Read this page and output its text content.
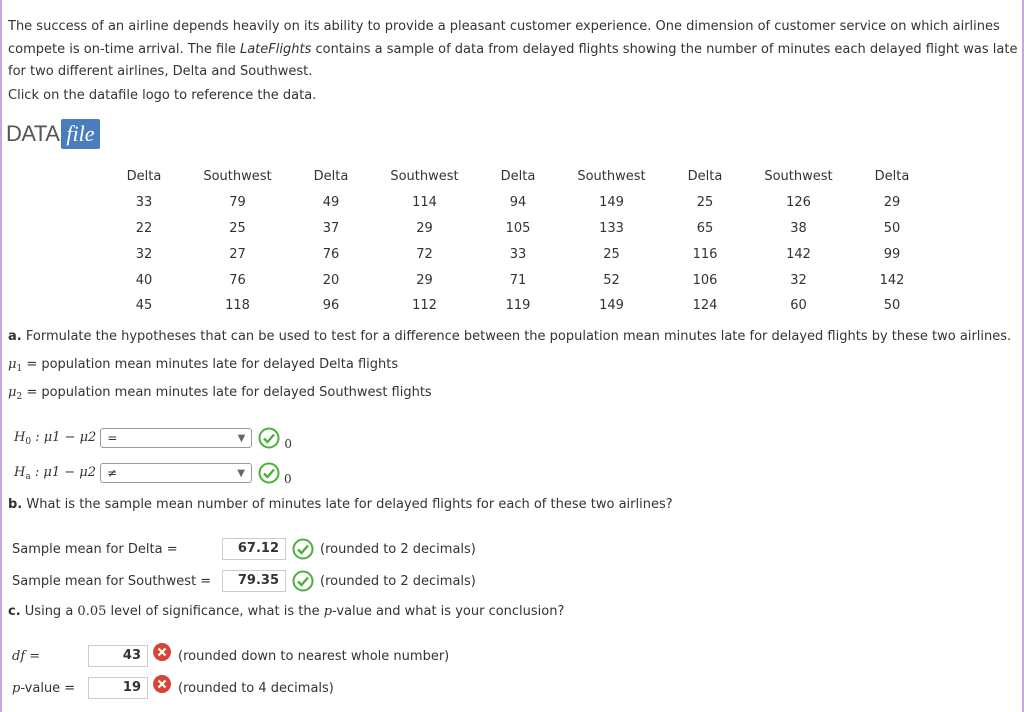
The success of an airline depends heavily on its ability to provide a pleasant customer experience. One dimension of customer service on which airlines compete is on-time arrival. The file LateFlights contains a sample of data from delayed flights showing the number of minutes each delayed flight was late for two different airlines, Delta and Southwest.
Click on the datafile logo to reference the data.
DATA file
Delta	Southwest	Delta	Southwest	Delta	Southwest	Delta	Southwest	Delta
33	79	49	114	94	149	25	126	29
22	25	37	29	105	133	65	38	50
32	27	76	72	33	25	116	142	99
40	76	20	29	71	52	106	32	142
45	118	96	112	119	149	124	60	50
a. Formulate the hypotheses that can be used to test for a difference between the population mean minutes late for delayed flights by these two airlines.
$\mu_1$ = population mean minutes late for delayed Delta flights
$\mu_2$ = population mean minutes late for delayed Southwest flights
$H_0$ : μ1 − μ2 =	▼	0
$H_a$ : μ1 − μ2 ≠	▼	0
b. What is the sample mean number of minutes late for delayed flights for each of these two airlines?
Sample mean for Delta =	67.12	(rounded to 2 decimals)
Sample mean for Southwest =	79.35	(rounded to 2 decimals)
c. Using a 0.05 level of significance, what is the p-value and what is your conclusion?
df =	43	(rounded down to nearest whole number)
p-value =	19	(rounded to 4 decimals)
